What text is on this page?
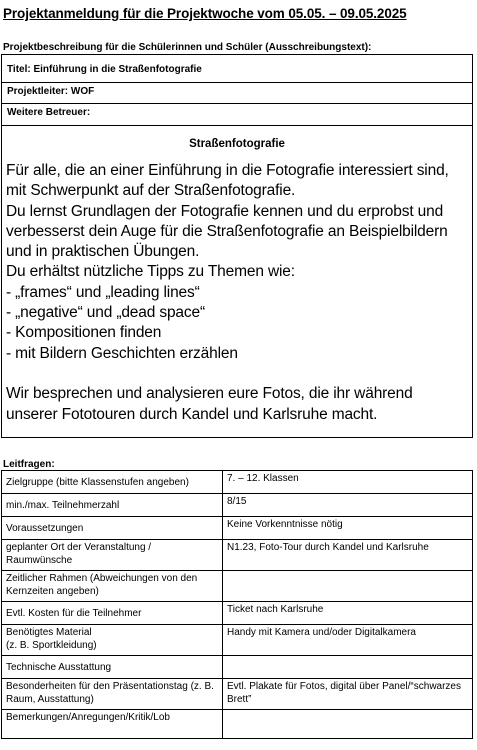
Projektanmeldung für die Projektwoche vom 05.05. – 09.05.2025
Projektbeschreibung für die Schülerinnen und Schüler (Ausschreibungstext):
Titel: Einführung in die Straßenfotografie
Projektleiter: WOF
Weitere Betreuer:
Straßenfotografie
Für alle, die an einer Einführung in die Fotografie interessiert sind,
mit Schwerpunkt auf der Straßenfotografie.
Du lernst Grundlagen der Fotografie kennen und du erprobst und
verbesserst dein Auge für die Straßenfotografie an Beispielbildern
und in praktischen Übungen.
Du erhältst nützliche Tipps zu Themen wie:
- „frames“ und „leading lines“
- „negative“ und „dead space“
- Kompositionen finden
- mit Bildern Geschichten erzählen

Wir besprechen und analysieren eure Fotos, die ihr während
unserer Fototouren durch Kandel und Karlsruhe macht.
Leitfragen:
Zielgruppe (bitte Klassenstufen angeben)	7. – 12. Klassen
min./max. Teilnehmerzahl	8/15
Voraussetzungen	Keine Vorkenntnisse nötig
geplanter Ort der Veranstaltung / Raumwünsche	N1.23, Foto-Tour durch Kandel und Karlsruhe
Zeitlicher Rahmen (Abweichungen von den Kernzeiten angeben)	
Evtl. Kosten für die Teilnehmer	Ticket nach Karlsruhe
Benötigtes Material
(z. B. Sportkleidung)	Handy mit Kamera und/oder Digitalkamera
Technische Ausstattung	
Besonderheiten für den Präsentationstag (z. B. Raum, Ausstattung)	Evtl. Plakate für Fotos, digital über Panel/“schwarzes Brett”
Bemerkungen/Anregungen/Kritik/Lob	
